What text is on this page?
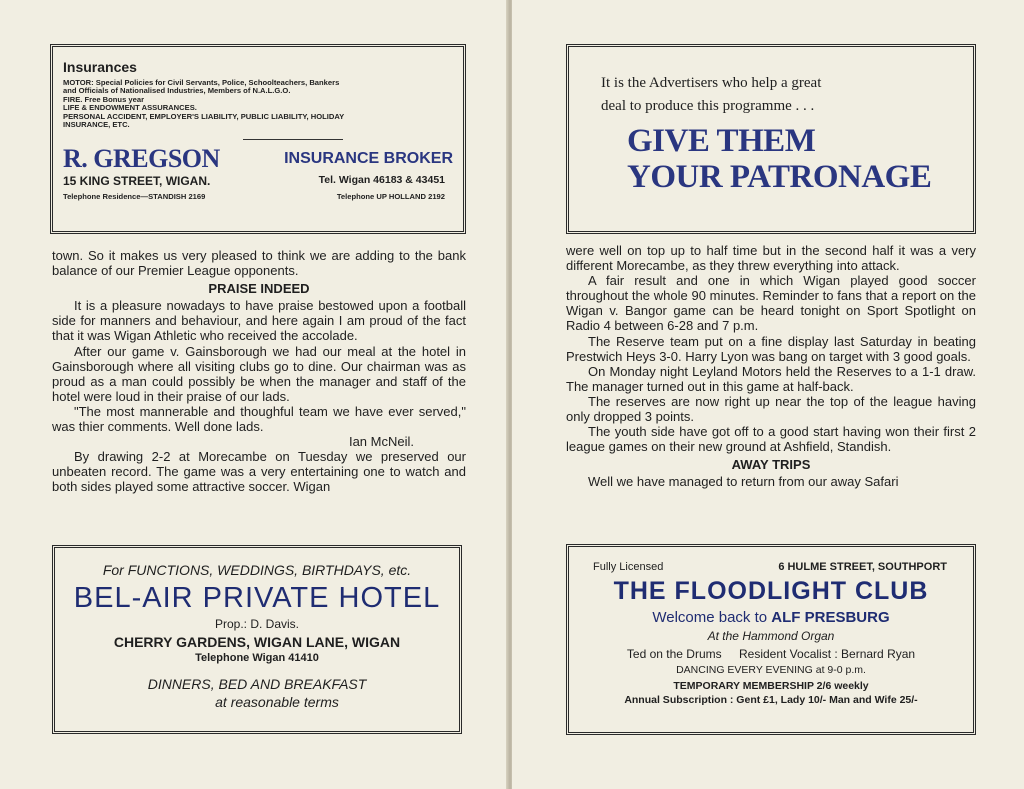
Insurances
MOTOR: Special Policies for Civil Servants, Police, Schoolteachers, Bankers
and Officials of Nationalised Industries, Members of N.A.L.G.O.
FIRE. Free Bonus year
LIFE & ENDOWMENT ASSURANCES.
PERSONAL ACCIDENT, EMPLOYER'S LIABILITY, PUBLIC LIABILITY, HOLIDAY
INSURANCE, ETC.
R. GREGSON	INSURANCE BROKER
15 KING STREET, WIGAN.	Tel. Wigan 46183 & 43451
Telephone Residence—STANDISH 2169	Telephone UP HOLLAND 2192

town. So it makes us very pleased to think we are adding to the bank balance of our Premier League opponents.

PRAISE INDEED

It is a pleasure nowadays to have praise bestowed upon a football side for manners and behaviour, and here again I am proud of the fact that it was Wigan Athletic who received the accolade.

After our game v. Gainsborough we had our meal at the hotel in Gainsborough where all visiting clubs go to dine. Our chairman was as proud as a man could possibly be when the manager and staff of the hotel were loud in their praise of our lads.

"The most mannerable and thoughful team we have ever served," was thier comments. Well done lads.

Ian McNeil.

By drawing 2-2 at Morecambe on Tuesday we preserved our unbeaten record. The game was a very entertaining one to watch and both sides played some attractive soccer. Wigan

For FUNCTIONS, WEDDINGS, BIRTHDAYS, etc.
BEL-AIR PRIVATE HOTEL
Prop.: D. Davis.
CHERRY GARDENS, WIGAN LANE, WIGAN
Telephone Wigan 41410
DINNERS, BED AND BREAKFAST
at reasonable terms
It is the Advertisers who help a great
deal to produce this programme . . .
GIVE THEM
YOUR PATRONAGE

were well on top up to half time but in the second half it was a very different Morecambe, as they threw everything into attack.

A fair result and one in which Wigan played good soccer throughout the whole 90 minutes. Reminder to fans that a report on the Wigan v. Bangor game can be heard tonight on Sport Spotlight on Radio 4 between 6-28 and 7 p.m.

The Reserve team put on a fine display last Saturday in beating Prestwich Heys 3-0. Harry Lyon was bang on target with 3 good goals.

On Monday night Leyland Motors held the Reserves to a 1-1 draw. The manager turned out in this game at half-back.

The reserves are now right up near the top of the league having only dropped 3 points.

The youth side have got off to a good start having won their first 2 league games on their new ground at Ashfield, Standish.

AWAY TRIPS

Well we have managed to return from our away Safari

Fully Licensed	6 HULME STREET, SOUTHPORT
THE FLOODLIGHT CLUB
Welcome back to ALF PRESBURG
At the Hammond Organ
Ted on the Drums Resident Vocalist : Bernard Ryan
DANCING EVERY EVENING at 9-0 p.m.
TEMPORARY MEMBERSHIP 2/6 weekly
Annual Subscription : Gent £1, Lady 10/- Man and Wife 25/-
